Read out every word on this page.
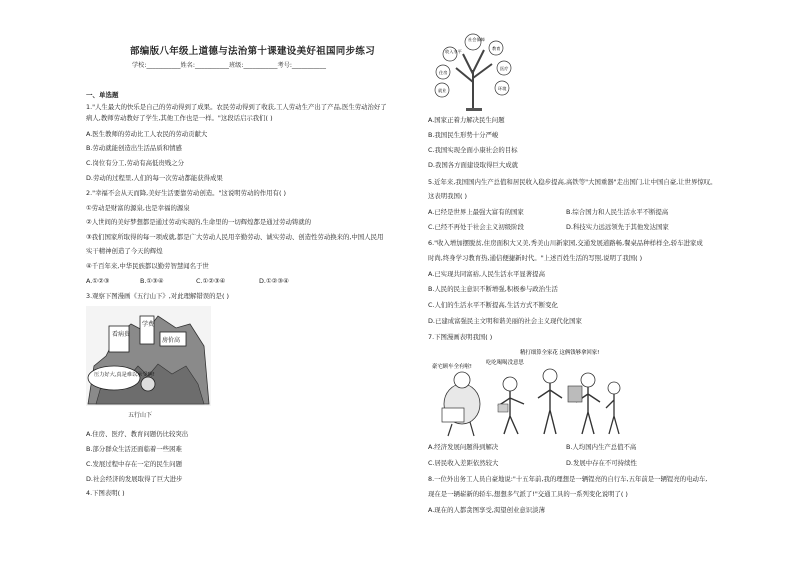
部编版八年级上道德与法治第十课建设美好祖国同步练习
学校:___________姓名:___________班级:___________考号:___________
一、单选题
1."人生最大的快乐是自己的劳动得到了成果。农民劳动得到了收获,工人劳动生产出了产品,医生劳动治好了
病人,教师劳动教好了学生,其他工作也是一样。"这段话启示我们( )
A.医生教师的劳动比工人农民的劳动贡献大
B.劳动就能创造出生活品质和情感
C.岗位有分工,劳动有高低贵贱之分
D.劳动的过程里,人们的每一次劳动都能获得成果
2."幸福不会从天而降,美好生活要靠劳动创造。"这说明劳动的作用有( )
①劳动是财富的源泉,也是幸福的源泉
②人世间的美好梦想都是通过劳动实现的,生命里的一切辉煌都是通过劳动铸就的
③我们国家所取得的每一项成就,都是广大劳动人民用辛勤劳动、诚实劳动、创造性劳动换来的,中国人民用
实干精神创造了今天的辉煌
④千百年来,中华民族都以勤劳智慧闻名于世
A.①②③	B.①③④	C.①②③④	D.①②③④
3.观察下图漫画《五行山下》,对此理解错误的是( )
A.住房、医疗、教育问题仍比较突出
B.部分群众生活还面临着一些困难
C.发展过程中存在一定的民生问题
D.社会经济的发展取得了巨大进步
4.下图表明( )
看病贵
学费
房价高
压力好大,真是难以承受啊!
五行山下
社会保障
收入水平
教育
医疗
住房
就业	环境
A.国家正着力解决民生问题
B.我国民生形势十分严峻
C.我国实现全面小康社会的目标
D.我国各方面建设取得巨大成就
5.近年来,我国国内生产总值和居民收入稳步提高,高铁等"大国重器"走出国门,让中国自豪,让世界惊叹。
这表明我国( )
A.已经是世界上最强大富有的国家	B.综合国力和人民生活水平不断提高
C.已经不再处于社会主义初级阶段	D.科技实力远远领先于其他发达国家
6."收入增加摆脱贫,住房面积大又美,秀美山川新家园,交通发展道路畅,餐桌品种样样全,轿车进家成
时尚,终身学习教育热,通信便捷新时代。"上述百姓生活的写照,说明了我国( )
A.已实现共同富裕,人民生活水平显著提高
B.人民的民主意识不断增强,积极参与政治生活
C.人们的生活水平不断提高,生活方式不断变化
D.已建成富强民主文明和谐美丽的社会主义现代化国家
7.下图漫画表明我国( )
A.经济发展问题得到解决	B.人均国内生产总值不高
C.居民收入差距依然较大	D.发展中存在不可持续性
8.一位外出务工人员自豪地说:"十五年前,我的理想是一辆锃亮的自行车,五年前是一辆锃亮的电动车,
现在是一辆崭新的轿车,想想多气派了!"交通工具的一系列变化说明了( )
A.现在的人都贪图享受,渴望创业意识淡薄
豪宅顾车全有啦!
吃吃喝喝没意思
精打细算全家花 这俩钱够拿回家!
